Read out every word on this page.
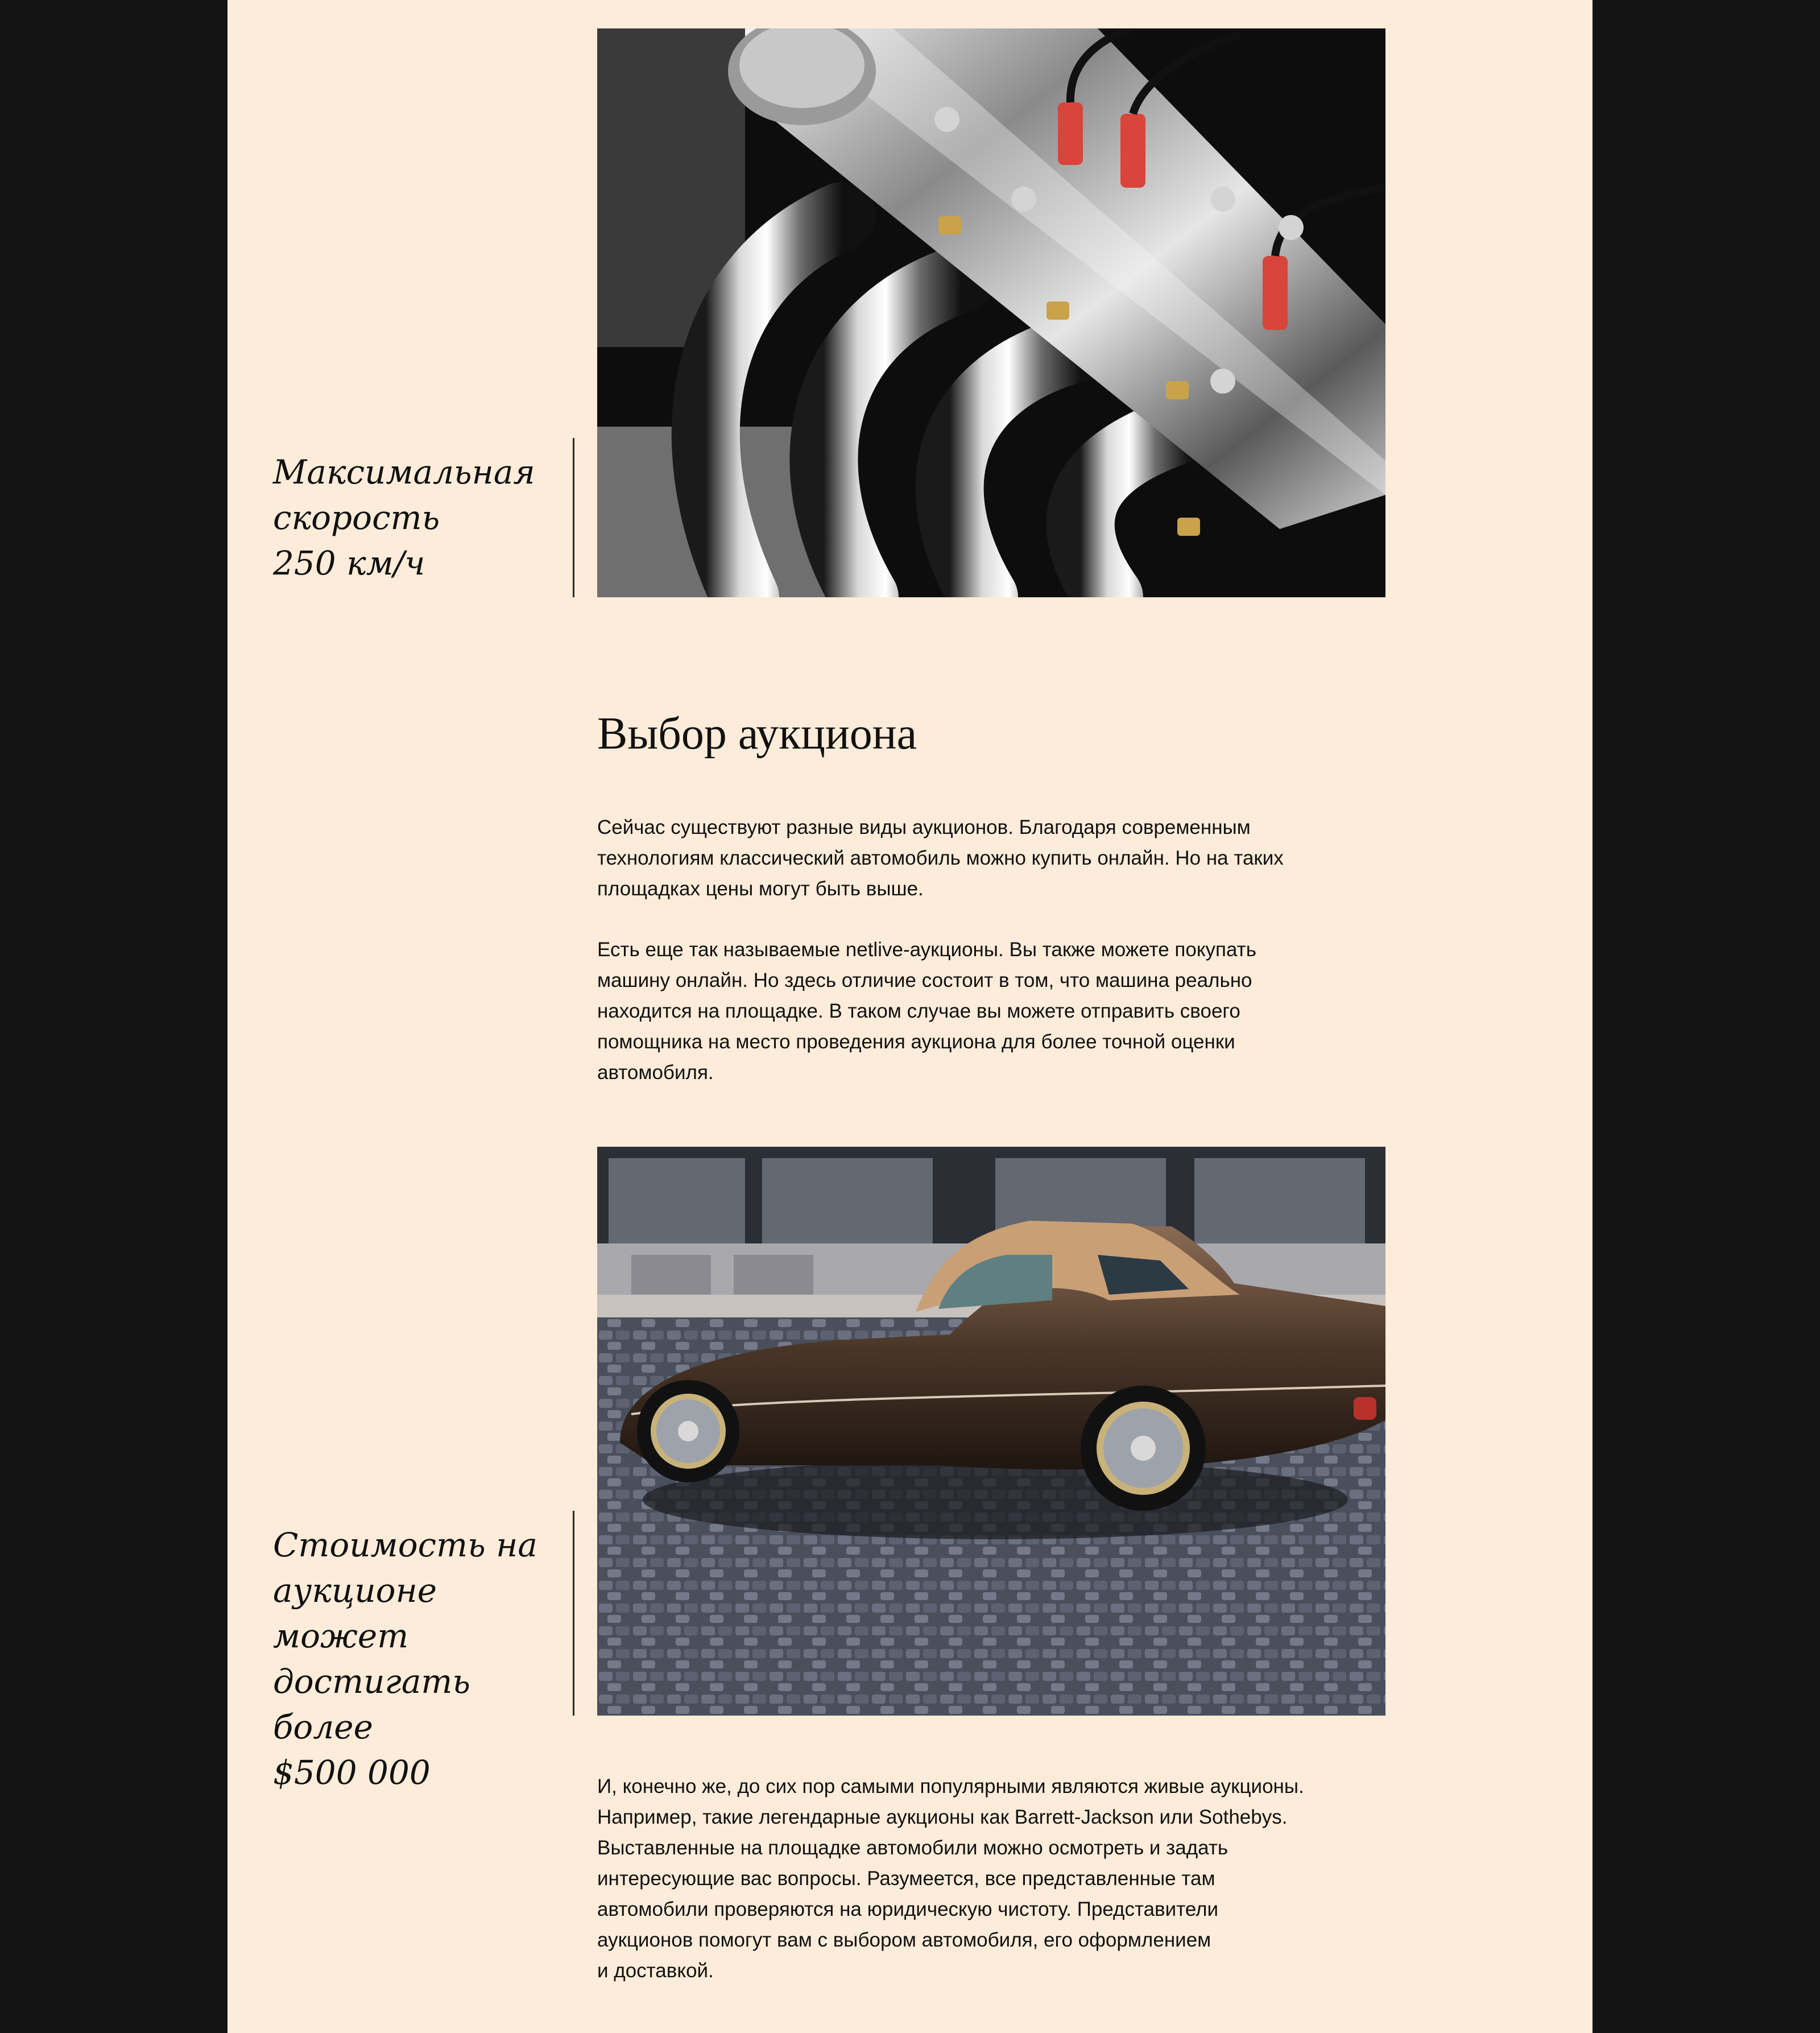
Максимальная
скорость
250 км/ч

Выбор аукциона

Сейчас существуют разные виды аукционов. Благодаря современным
технологиям классический автомобиль можно купить онлайн. Но на таких
площадках цены могут быть выше.

Есть еще так называемые netlive-аукционы. Вы также можете покупать
машину онлайн. Но здесь отличие состоит в том, что машина реально
находится на площадке. В таком случае вы можете отправить своего
помощника на место проведения аукциона для более точной оценки
автомобиля.

Стоимость на
аукционе может
достигать более
$500 000	И, конечно же, до сих пор самыми популярными являются живые аукционы.
Например, такие легендарные аукционы как Barrett-Jackson или Sothebys.
Выставленные на площадке автомобили можно осмотреть и задать
интересующие вас вопросы. Разумеется, все представленные там
автомобили проверяются на юридическую чистоту. Представители
аукционов помогут вам с выбором автомобиля, его оформлением
и доставкой.
